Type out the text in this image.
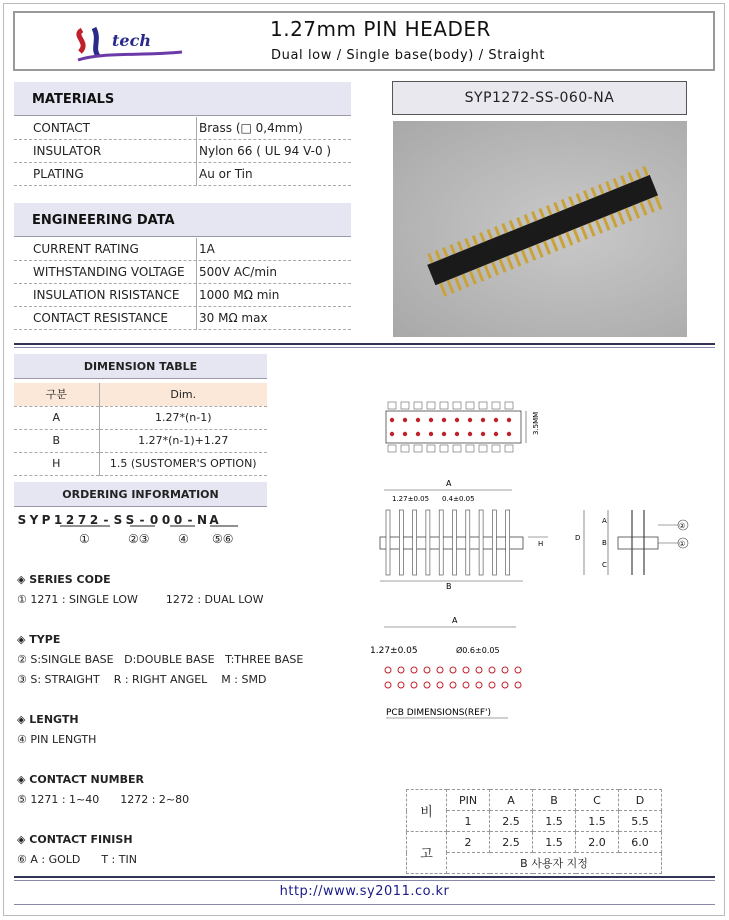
tech	1.27mm PIN HEADER
Dual low / Single base(body) / Straight
MATERIALS
CONTACT	Brass (□ 0,4mm)
INSULATOR	Nylon 66 ( UL 94 V-0 )
PLATING	Au or Tin
ENGINEERING DATA
CURRENT RATING	1A
WITHSTANDING VOLTAGE 500V AC/min
INSULATION RISISTANCE 1000 MΩ min
CONTACT RESISTANCE	30 MΩ max
SYP1272-SS-060-NA
DIMENSION TABLE
구분	Dim.
A	1.27*(n-1)
B	1.27*(n-1)+1.27
H	1.5 (SUSTOMER'S OPTION)
ORDERING INFORMATION
S Y P 1 2 7 2 - S S - 0 0 0 - N A
①	②③ ④ ⑤⑥
◈ SERIES CODE
① 1271 : SINGLE LOW        1272 : DUAL LOW
◈ TYPE
② S:SINGLE BASE   D:DOUBLE BASE   T:THREE BASE
③ S: STRAIGHT    R : RIGHT ANGEL    M : SMD
◈ LENGTH
④ PIN LENGTH
◈ CONTACT NUMBER
⑤ 1271 : 1~40      1272 : 2~80
◈ CONTACT FINISH
⑥ A : GOLD      T : TIN
3.5MM
A
1.27±0.05 0.4±0.05
B
H
D
A
B
C
②
①
A
1.27±0.05	Ø0.6±0.05
PCB DIMENSIONS(REF')
비	PIN	A	B	C	D
	1	2.5	1.5	1.5	5.5
고	2	2.5	1.5	2.0	6.0
	B 사용자 지정				
http://www.sy2011.co.kr
